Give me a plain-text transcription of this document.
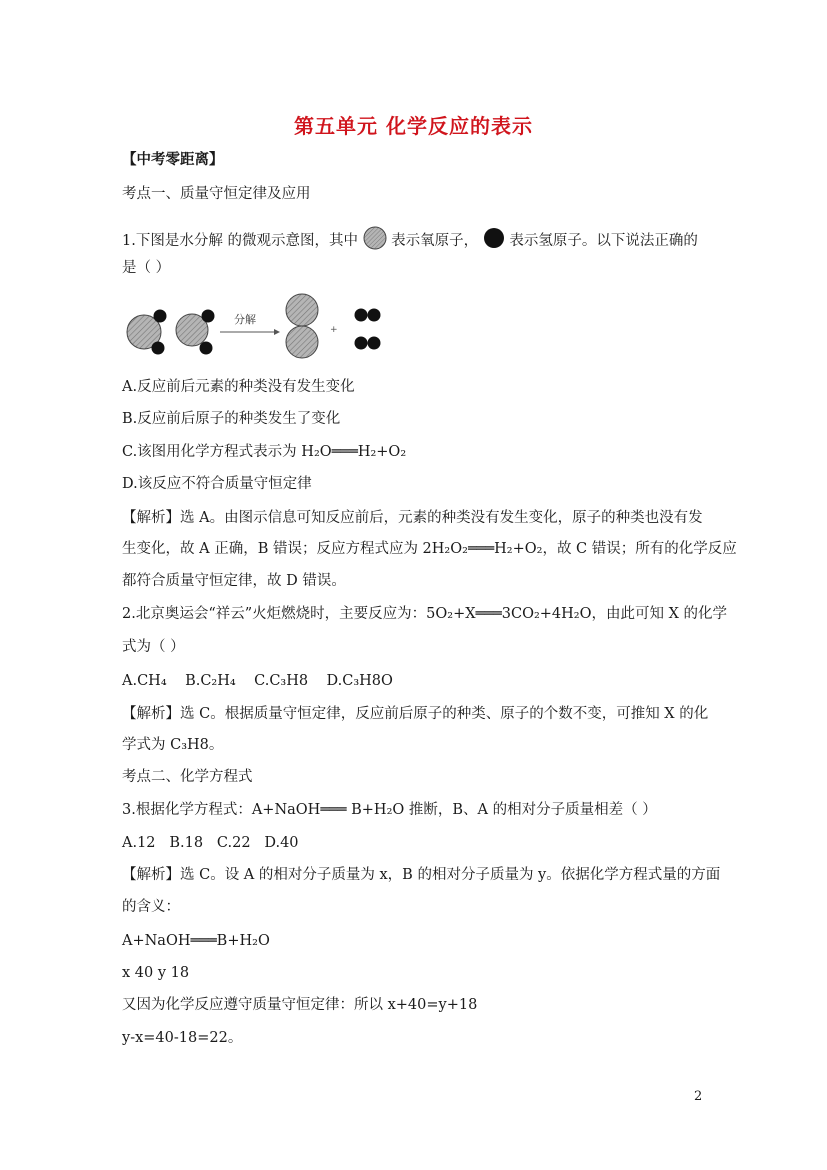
第五单元 化学反应的表示
【中考零距离】
考点一、质量守恒定律及应用
1.下图是水分解 的微观示意图，其中 表示氧原子， 表示氢原子。以下说法正确的
是（ ）
分解
+
A.反应前后元素的种类没有发生变化
B.反应前后原子的种类发生了变化
C.该图用化学方程式表示为 H₂O═══H₂+O₂
D.该反应不符合质量守恒定律
【解析】选 A。由图示信息可知反应前后，元素的种类没有发生变化，原子的种类也没有发
生变化，故 A 正确，B 错误；反应方程式应为 2H₂O₂═══H₂+O₂，故 C 错误；所有的化学反应
都符合质量守恒定律，故 D 错误。
2.北京奥运会“祥云”火炬燃烧时，主要反应为：5O₂+X═══3CO₂+4H₂O，由此可知 X 的化学
式为（ ）
A.CH₄    B.C₂H₄    C.C₃H8    D.C₃H8O
【解析】选 C。根据质量守恒定律，反应前后原子的种类、原子的个数不变，可推知 X 的化
学式为 C₃H8。
考点二、化学方程式
3.根据化学方程式：A+NaOH═══ B+H₂O 推断，B、A 的相对分子质量相差（ ）
A.12   B.18   C.22   D.40
【解析】选 C。设 A 的相对分子质量为 x，B 的相对分子质量为 y。依据化学方程式量的方面
的含义：
A+NaOH═══B+H₂O
x 40 y 18
又因为化学反应遵守质量守恒定律：所以 x+40=y+18
y-x=40-18=22。
2
